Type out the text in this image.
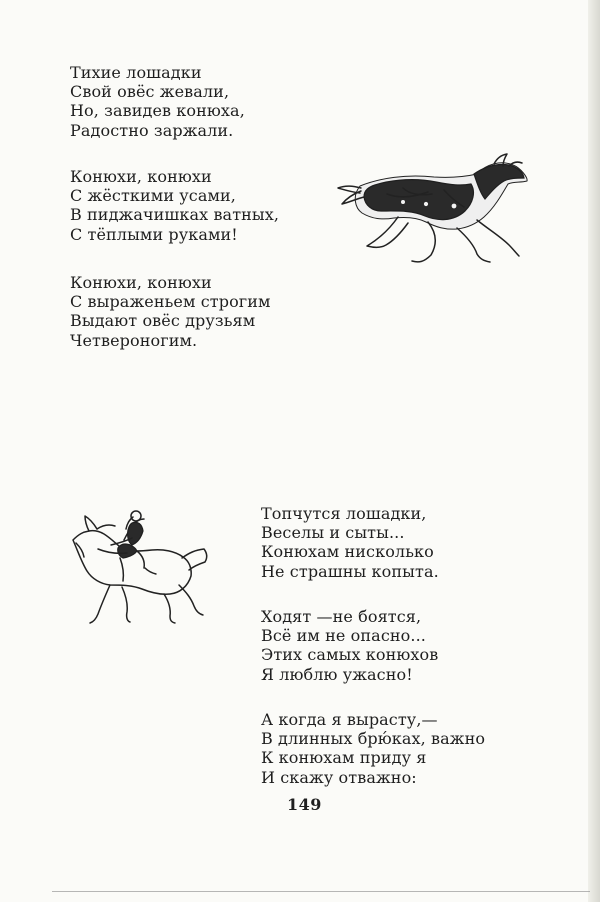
Тихие лошадки
Свой овёс жевали,
Но, завидев конюха,
Радостно заржали.
Конюхи, конюхи
С жёсткими усами,
В пиджачишках ватных,
С тёплыми руками!
Конюхи, конюхи
С выраженьем строгим
Выдают овёс друзьям
Четвероногим.
Топчутся лошадки,
Веселы и сыты...
Конюхам нисколько
Не страшны копыта.
Ходят —не боятся,
Всё им не опасно...
Этих самых конюхов
Я люблю ужасно!
А когда я вырасту,—
В длинных брю́ках, важно
К конюхам приду я
И скажу отважно:
149
